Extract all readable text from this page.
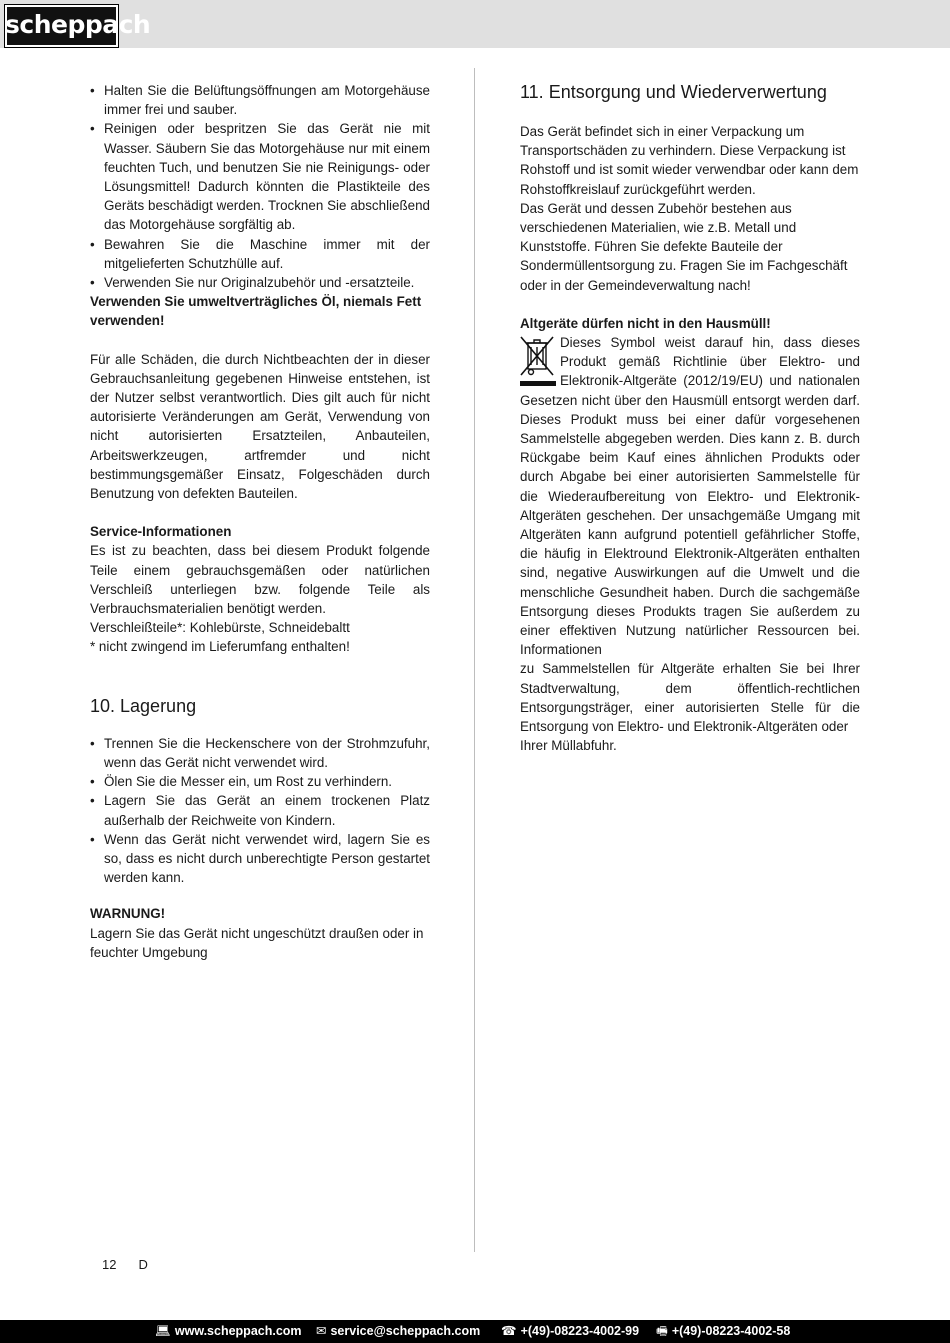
scheppach
• Halten Sie die Belüftungsöffnungen am Motorgehäuse immer frei und sauber.
• Reinigen oder bespritzen Sie das Gerät nie mit Wasser. Säubern Sie das Motorgehäuse nur mit einem feuchten Tuch, und benutzen Sie nie Reinigungs- oder Lösungsmittel! Dadurch könnten die Plastikteile des Geräts beschädigt werden. Trocknen Sie abschließend das Motorgehäuse sorgfältig ab.
• Bewahren Sie die Maschine immer mit der mitgelieferten Schutzhülle auf.
• Verwenden Sie nur Originalzubehör und -ersatzteile.

Verwenden Sie umweltverträgliches Öl, niemals Fett verwenden!

Für alle Schäden, die durch Nichtbeachten der in dieser Gebrauchsanleitung gegebenen Hinweise entstehen, ist der Nutzer selbst verantwortlich. Dies gilt auch für nicht autorisierte Veränderungen am Gerät, Verwendung von nicht autorisierten Ersatzteilen, Anbauteilen, Arbeitswerkzeugen, artfremder und nicht bestimmungsgemäßer Einsatz, Folgeschäden durch Benutzung von defekten Bauteilen.

Service-Informationen

Es ist zu beachten, dass bei diesem Produkt folgende Teile einem gebrauchsgemäßen oder natürlichen Verschleiß unterliegen bzw. folgende Teile als Verbrauchsmaterialien benötigt werden.

Verschleißteile*: Kohlebürste, Schneidebaltt

* nicht zwingend im Lieferumfang enthalten!

10. Lagerung
• Trennen Sie die Heckenschere von der Strohmzufuhr, wenn das Gerät nicht verwendet wird.
• Ölen Sie die Messer ein, um Rost zu verhindern.
• Lagern Sie das Gerät an einem trockenen Platz außerhalb der Reichweite von Kindern.
• Wenn das Gerät nicht verwendet wird, lagern Sie es so, dass es nicht durch unberechtigte Person gestartet werden kann.

WARNUNG!

Lagern Sie das Gerät nicht ungeschützt draußen oder in feuchter Umgebung

11. Entsorgung und Wiederverwertung

Das Gerät befindet sich in einer Verpackung um Transportschäden zu verhindern. Diese Verpackung ist Rohstoff und ist somit wieder verwendbar oder kann dem Rohstoffkreislauf zurückgeführt werden.

Das Gerät und dessen Zubehör bestehen aus verschiedenen Materialien, wie z.B. Metall und Kunststoffe. Führen Sie defekte Bauteile der Sondermüllentsorgung zu. Fragen Sie im Fachgeschäft oder in der Gemeindeverwaltung nach!

Altgeräte dürfen nicht in den Hausmüll!

Dieses Symbol weist darauf hin, dass dieses Produkt gemäß Richtlinie über Elektro- und Elektronik-Altgeräte (2012/19/EU) und nationalen Gesetzen nicht über den Hausmüll entsorgt werden darf. Dieses Produkt muss bei einer dafür vorgesehenen Sammelstelle abgegeben werden. Dies kann z. B. durch Rückgabe beim Kauf eines ähnlichen Produkts oder durch Abgabe bei einer autorisierten Sammelstelle für die Wiederaufbereitung von Elektro- und Elektronik- Altgeräten geschehen. Der unsachgemäße Umgang mit Altgeräten kann aufgrund potentiell gefährlicher Stoffe, die häufig in Elektround Elektronik-Altgeräten enthalten sind, negative Auswirkungen auf die Umwelt und die menschliche Gesundheit haben. Durch die sachgemäße Entsorgung dieses Produkts tragen Sie außerdem zu einer effektiven Nutzung natürlicher Ressourcen bei. Informationen

zu Sammelstellen für Altgeräte erhalten Sie bei Ihrer Stadtverwaltung, dem öffentlich-rechtlichen Entsorgungsträger, einer autorisierten Stelle für die Entsorgung von Elektro- und Elektronik-Altgeräten oder

Ihrer Müllabfuhr.

12 D
💻︎ www.scheppach.com ✉︎ service@scheppach.com ☎︎ +(49)-08223-4002-99 🖷︎ +(49)-08223-4002-58
